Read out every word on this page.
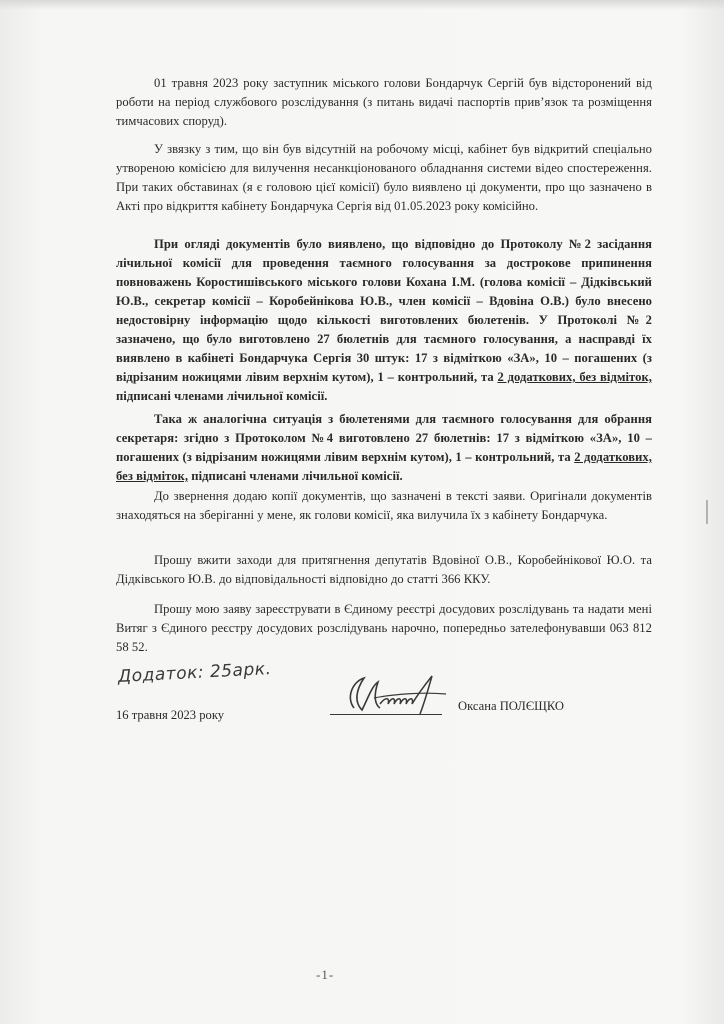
01 травня 2023 року заступник міського голови Бондарчук Сергій був відсторонений від роботи на період службового розслідування (з питань видачі паспортів прив’язок та розміщення тимчасових споруд).
У звязку з тим, що він був відсутній на робочому місці, кабінет був відкритий спеціально утвореною комісією для вилучення несанкціонованого обладнання системи відео спостереження. При таких обставинах (я є головою цієї комісії) було виявлено ці документи, про що зазначено в Акті про відкриття кабінету Бондарчука Сергія від 01.05.2023 року комісійно.
При огляді документів було виявлено, що відповідно до Протоколу №2 засідання лічильної комісії для проведення таємного голосування за дострокове припинення повноважень Коростишівського міського голови Кохана І.М. (голова комісії – Дідківський Ю.В., секретар комісії – Коробейнікова Ю.В., член комісії – Вдовіна О.В.) було внесено недостовірну інформацію щодо кількості виготовлених бюлетенів. У Протоколі №2 зазначено, що було виготовлено 27 бюлетнів для таємного голосування, а насправді їх виявлено в кабінеті Бондарчука Сергія 30 штук: 17 з відміткою «ЗА», 10 – погашених (з відрізаним ножицями лівим верхнім кутом), 1 – контрольний, та 2 додаткових, без відміток, підписані членами лічильної комісії.
Така ж аналогічна ситуація з бюлетенями для таємного голосування для обрання секретаря: згідно з Протоколом №4 виготовлено 27 бюлетнів: 17 з відміткою «ЗА», 10 – погашених (з відрізаним ножицями лівим верхнім кутом), 1 – контрольний, та 2 додаткових, без відміток, підписані членами лічильної комісії.
До звернення додаю копії документів, що зазначені в тексті заяви. Оригінали документів знаходяться на зберіганні у мене, як голови комісії, яка вилучила їх з кабінету Бондарчука.
Прошу вжити заходи для притягнення депутатів Вдовіної О.В., Коробейнікової Ю.О. та Дідківського Ю.В. до відповідальності відповідно до статті 366 ККУ.
Прошу мою заяву зареєструвати в Єдиному реєстрі досудових розслідувань та надати мені Витяг з Єдиного реєстру досудових розслідувань нарочно, попередньо зателефонувавши 063 812 58 52.
Додаток: 25арк.
16 травня 2023 року
Оксана ПОЛЄЩКО
-1-
